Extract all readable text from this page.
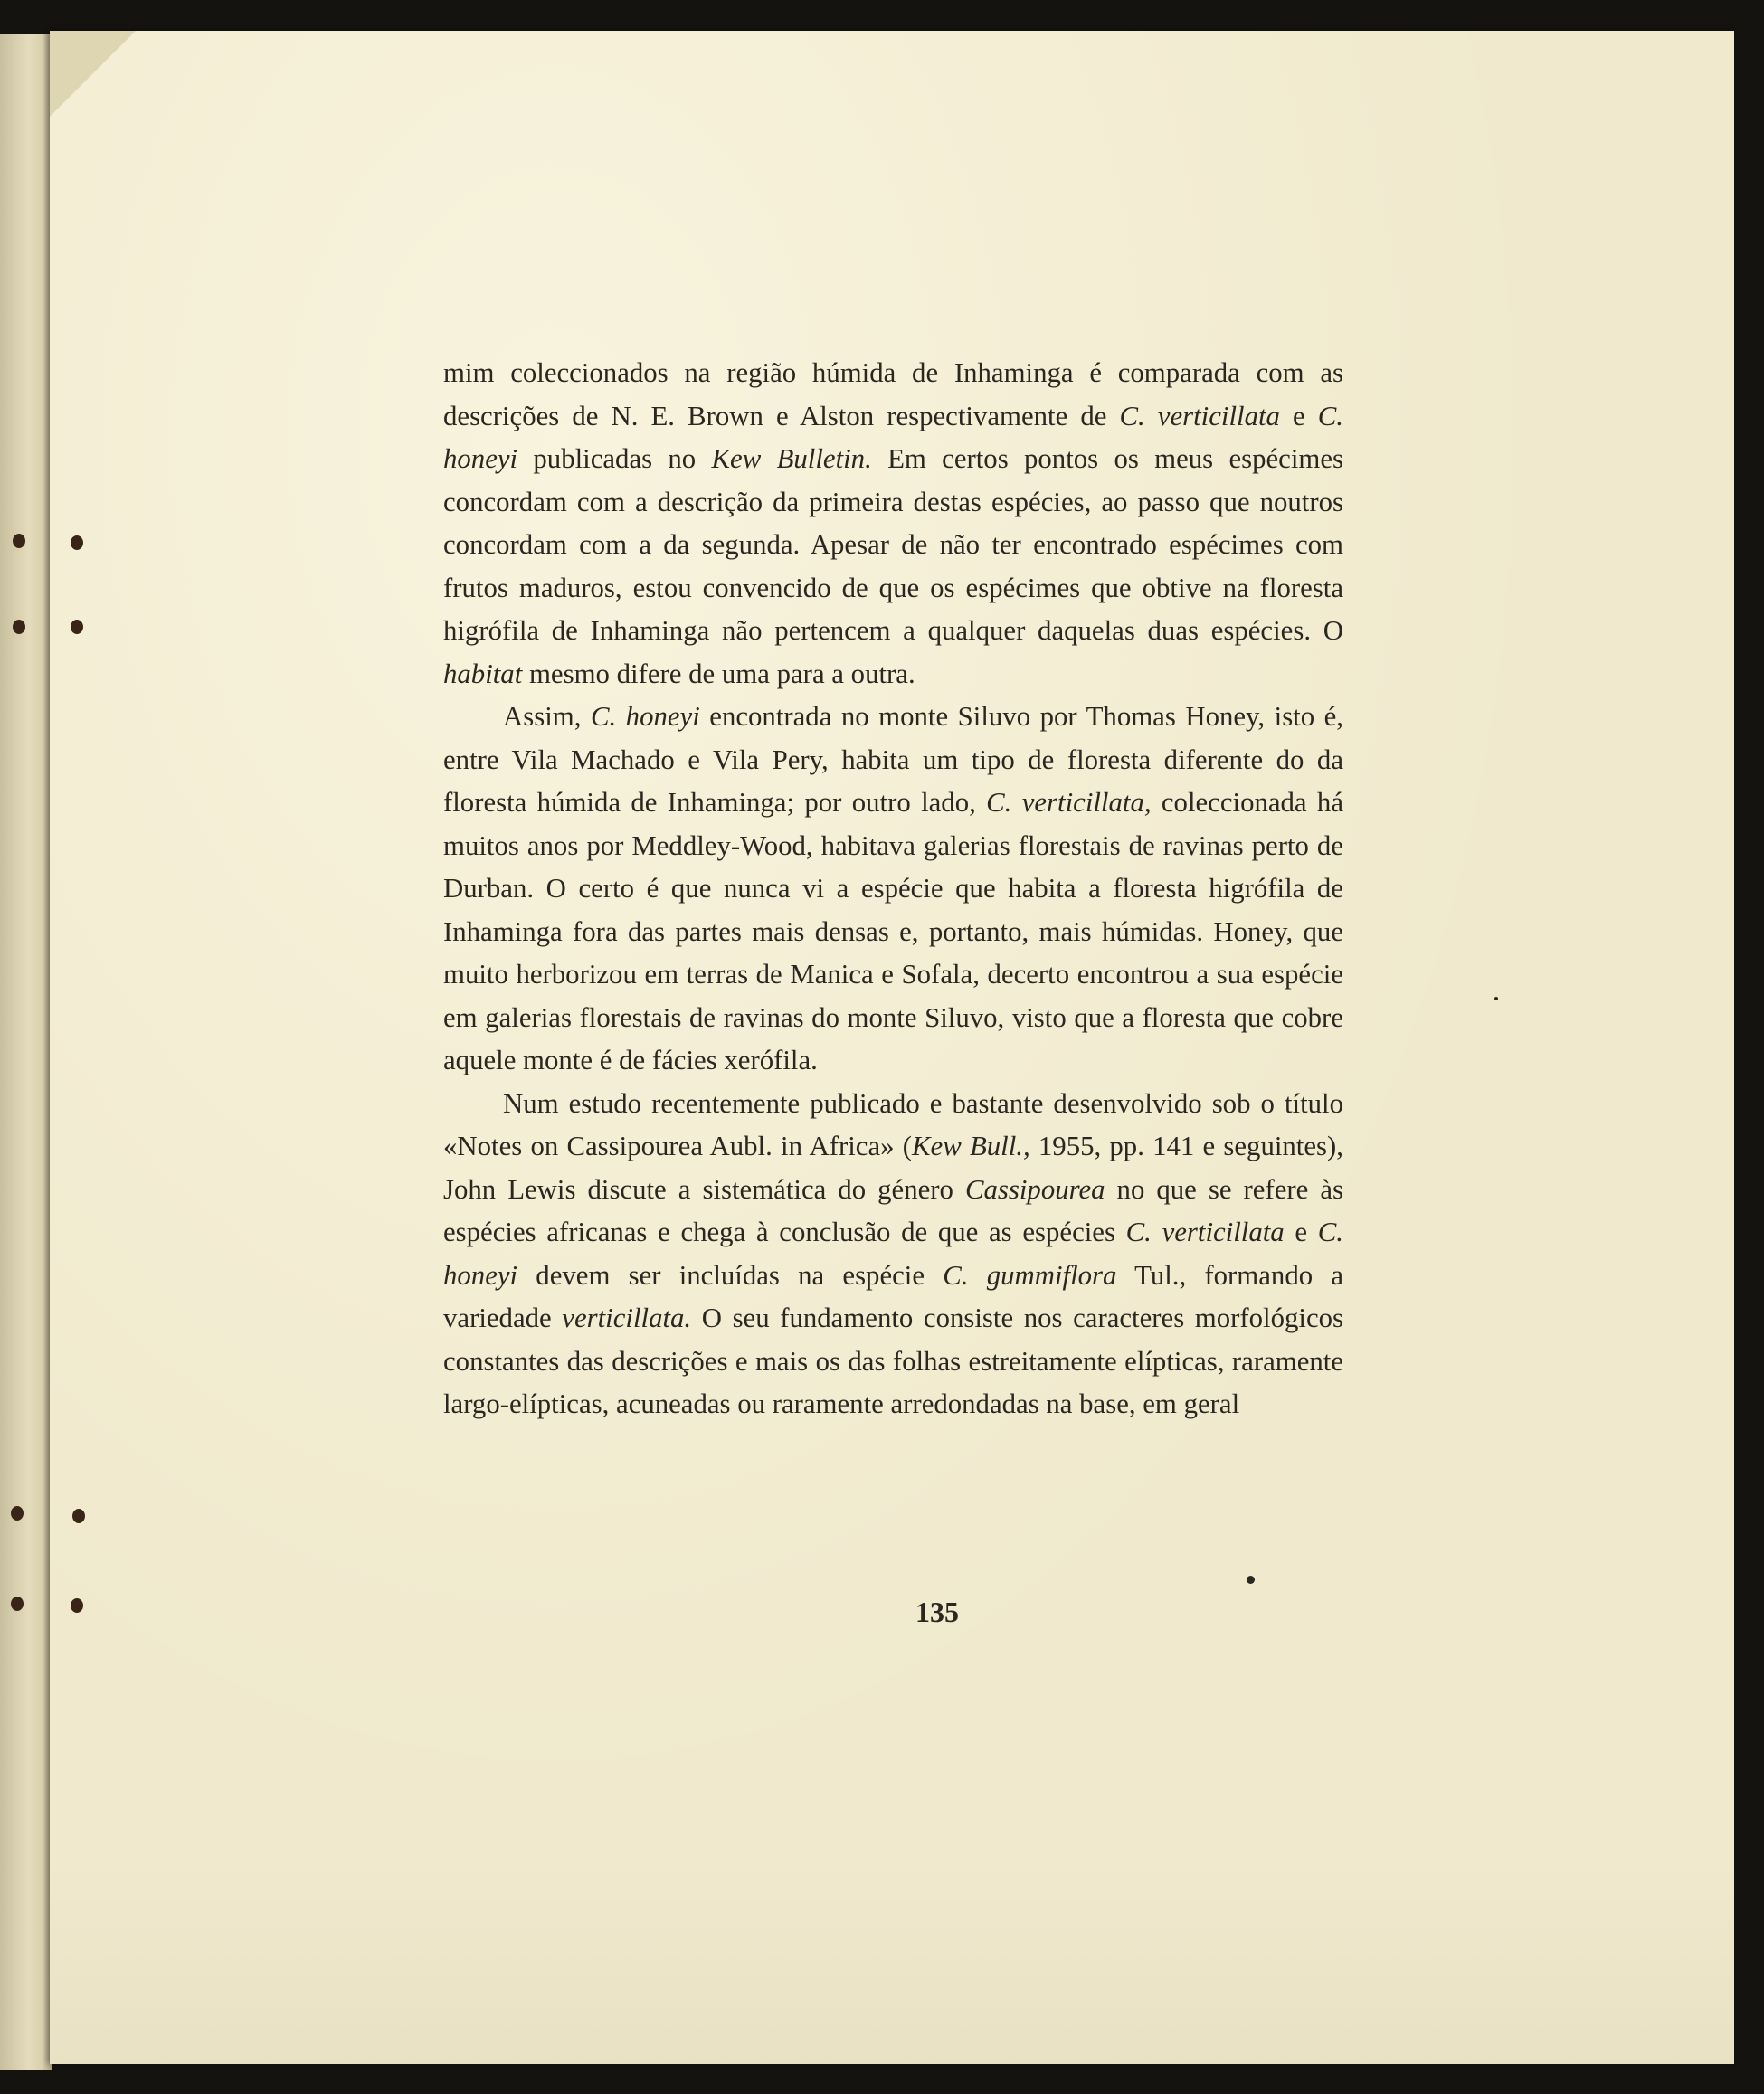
mim coleccionados na região húmida de Inhaminga é comparada com as descrições de N. E. Brown e Alston respectivamente de C. verticillata e C. honeyi publicadas no Kew Bulletin. Em certos pontos os meus espécimes concordam com a descrição da primeira destas espécies, ao passo que noutros concordam com a da segunda. Apesar de não ter encontrado espécimes com frutos maduros, estou convencido de que os espécimes que obtive na floresta higrófila de Inhaminga não pertencem a qualquer daquelas duas espécies. O habitat mesmo difere de uma para a outra.

Assim, C. honeyi encontrada no monte Siluvo por Thomas Honey, isto é, entre Vila Machado e Vila Pery, habita um tipo de floresta diferente do da floresta húmida de Inhaminga; por outro lado, C. verticillata, coleccionada há muitos anos por Meddley-Wood, habitava galerias florestais de ravinas perto de Durban. O certo é que nunca vi a espécie que habita a floresta higrófila de Inhaminga fora das partes mais densas e, portanto, mais húmidas. Honey, que muito herborizou em terras de Manica e Sofala, decerto encontrou a sua espécie em galerias florestais de ravinas do monte Siluvo, visto que a floresta que cobre aquele monte é de fácies xerófila.

Num estudo recentemente publicado e bastante desenvolvido sob o título «Notes on Cassipourea Aubl. in Africa» (Kew Bull., 1955, pp. 141 e seguintes), John Lewis discute a sistemática do género Cassipourea no que se refere às espécies africanas e chega à conclusão de que as espécies C. verticillata e C. honeyi devem ser incluídas na espécie C. gummiflora Tul., formando a variedade verticillata. O seu fundamento consiste nos caracteres morfológicos constantes das descrições e mais os das folhas estreitamente elípticas, raramente largo-elípticas, acuneadas ou raramente arredondadas na base, em geral

135
